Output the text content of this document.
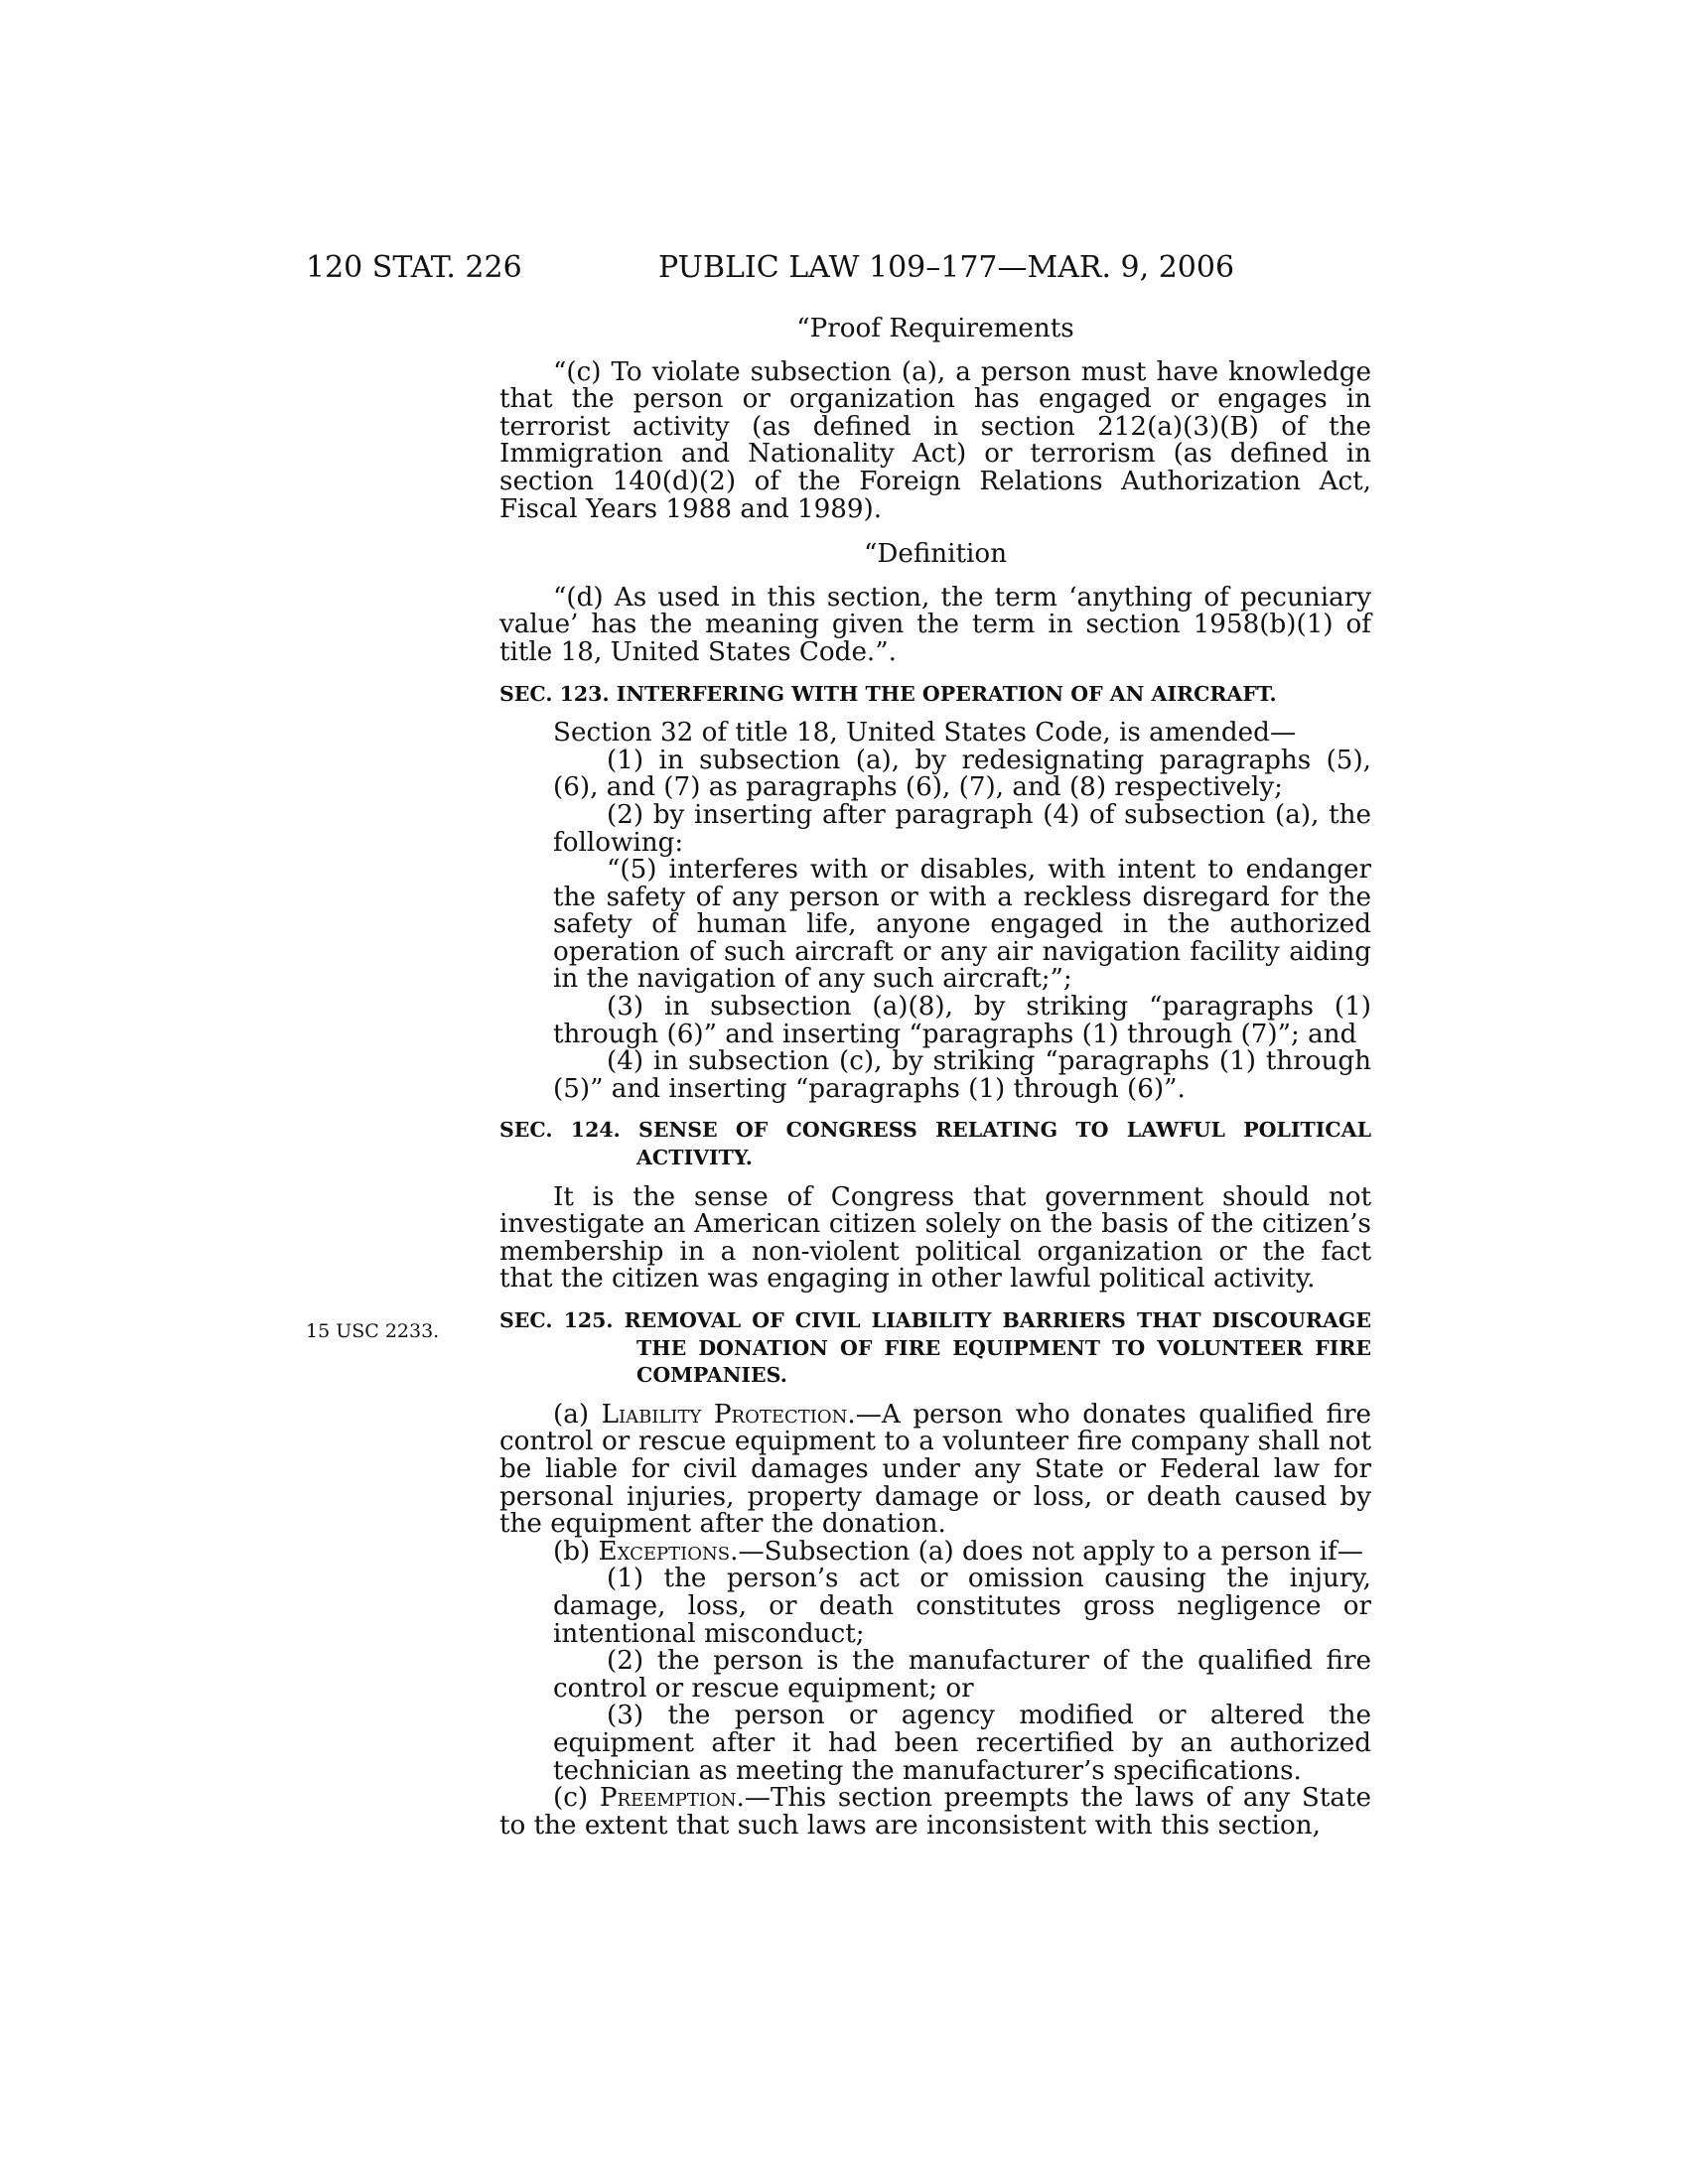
120 STAT. 226	PUBLIC LAW 109–177—MAR. 9, 2006
15 USC 2233.

“Proof Requirements

“(c) To violate subsection (a), a person must have knowledge that the person or organization has engaged or engages in terrorist activity (as defined in section 212(a)(3)(B) of the Immigration and Nationality Act) or terrorism (as defined in section 140(d)(2) of the Foreign Relations Authorization Act, Fiscal Years 1988 and 1989).

“Definition

“(d) As used in this section, the term ‘anything of pecuniary value’ has the meaning given the term in section 1958(b)(1) of title 18, United States Code.”.

SEC. 123. INTERFERING WITH THE OPERATION OF AN AIRCRAFT.

Section 32 of title 18, United States Code, is amended—

(1) in subsection (a), by redesignating paragraphs (5), (6), and (7) as paragraphs (6), (7), and (8) respectively;

(2) by inserting after paragraph (4) of subsection (a), the following:

“(5) interferes with or disables, with intent to endanger the safety of any person or with a reckless disregard for the safety of human life, anyone engaged in the authorized operation of such aircraft or any air navigation facility aiding in the navigation of any such aircraft;”;

(3) in subsection (a)(8), by striking “paragraphs (1) through (6)” and inserting “paragraphs (1) through (7)”; and

(4) in subsection (c), by striking “paragraphs (1) through (5)” and inserting “paragraphs (1) through (6)”.

SEC. 124. SENSE OF CONGRESS RELATING TO LAWFUL POLITICAL ACTIVITY.

It is the sense of Congress that government should not investigate an American citizen solely on the basis of the citizen’s membership in a non-violent political organization or the fact that the citizen was engaging in other lawful political activity.

SEC. 125. REMOVAL OF CIVIL LIABILITY BARRIERS THAT DISCOURAGE THE DONATION OF FIRE EQUIPMENT TO VOLUNTEER FIRE COMPANIES.

(a) Liability Protection.—A person who donates qualified fire control or rescue equipment to a volunteer fire company shall not be liable for civil damages under any State or Federal law for personal injuries, property damage or loss, or death caused by the equipment after the donation.

(b) Exceptions.—Subsection (a) does not apply to a person if—

(1) the person’s act or omission causing the injury, damage, loss, or death constitutes gross negligence or intentional misconduct;

(2) the person is the manufacturer of the qualified fire control or rescue equipment; or

(3) the person or agency modified or altered the equipment after it had been recertified by an authorized technician as meeting the manufacturer’s specifications.

(c) Preemption.—This section preempts the laws of any State to the extent that such laws are inconsistent with this section,
